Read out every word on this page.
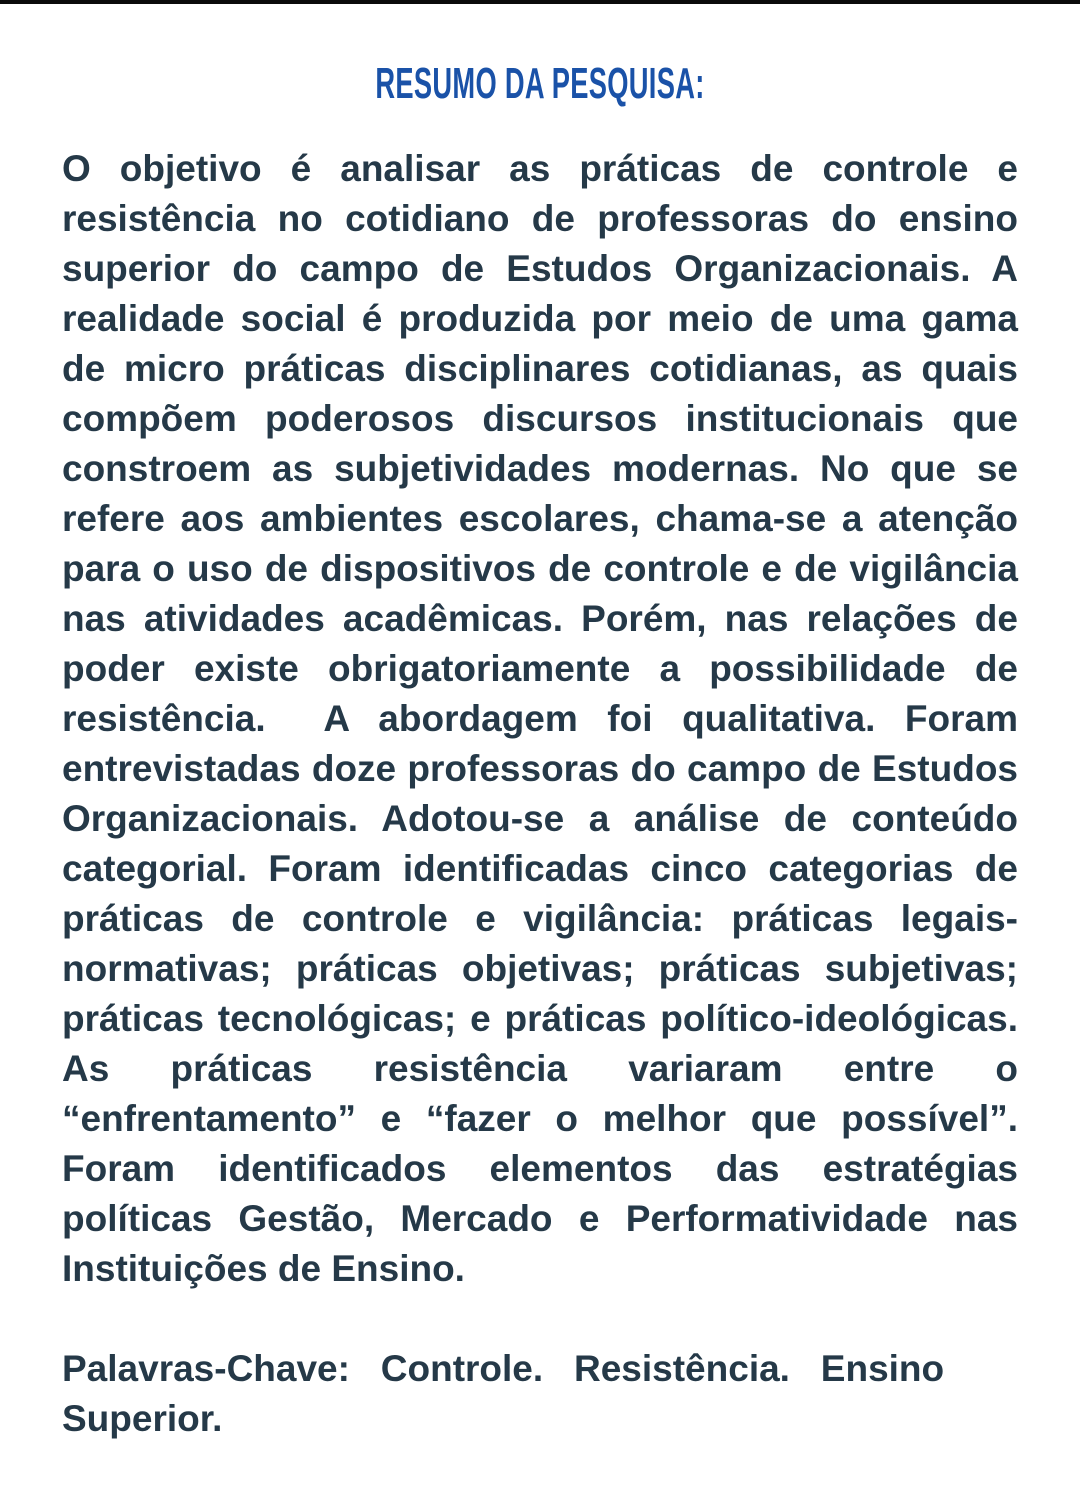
RESUMO DA PESQUISA:

O objetivo é analisar as práticas de controle e resistência no cotidiano de professoras do ensino superior do campo de Estudos Organizacionais. A realidade social é produzida por meio de uma gama de micro práticas disciplinares cotidianas, as quais compõem poderosos discursos institucionais que constroem as subjetividades modernas. No que se refere aos ambientes escolares, chama-se a atenção para o uso de dispositivos de controle e de vigilância nas atividades acadêmicas. Porém, nas relações de poder existe obrigatoriamente a possibilidade de resistência.  A abordagem foi qualitativa. Foram entrevistadas doze professoras do campo de Estudos Organizacionais. Adotou-se a análise de conteúdo categorial. Foram identificadas cinco categorias de práticas de controle e vigilância: práticas legais-normativas; práticas objetivas; práticas subjetivas; práticas tecnológicas; e práticas político-ideológicas. As práticas resistência variaram entre o “enfrentamento” e “fazer o melhor que possível”. Foram identificados elementos das estratégias políticas Gestão, Mercado e Performatividade nas Instituições de Ensino.

Palavras-Chave:   Controle.   Resistência.   Ensino Superior.
